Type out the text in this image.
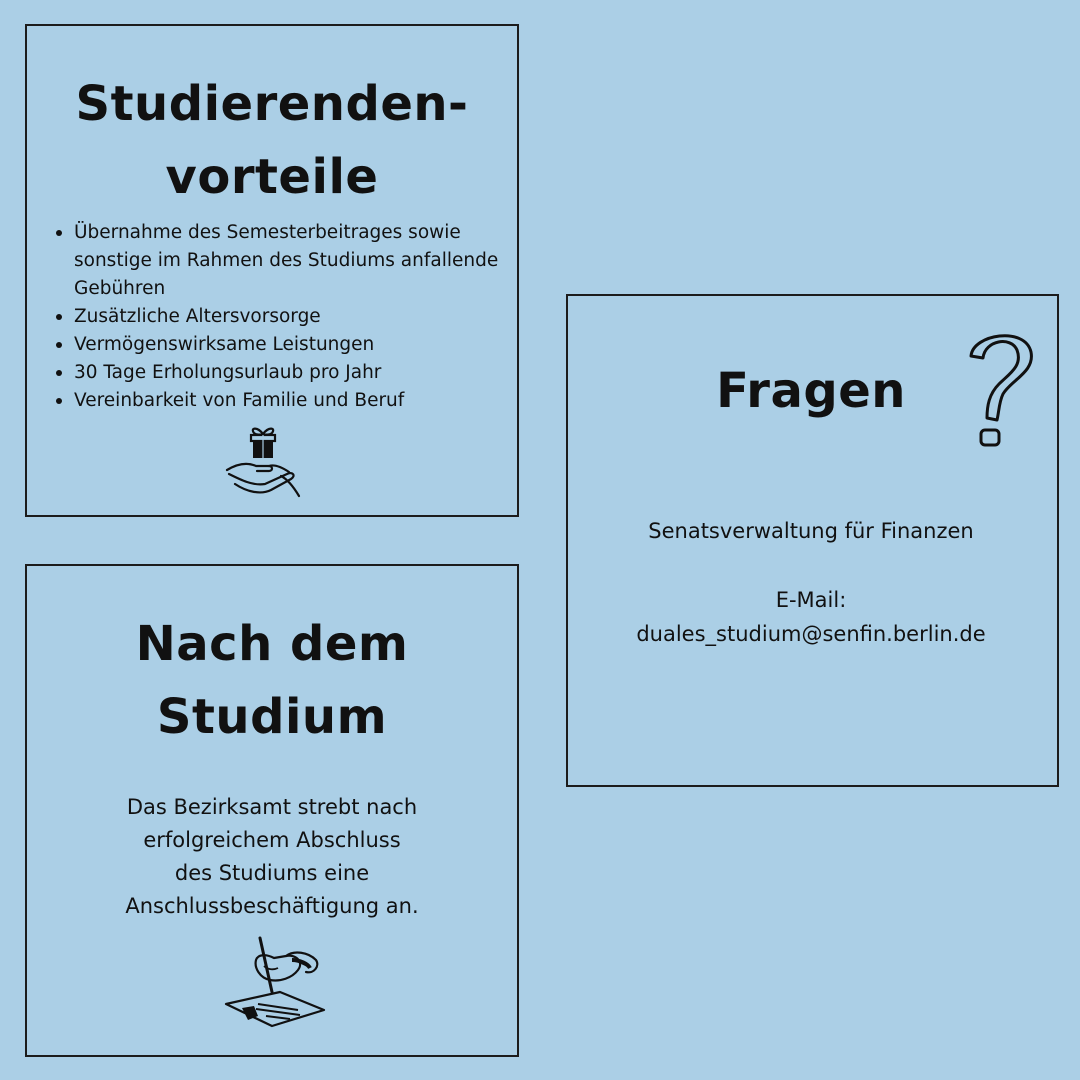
Studierenden-
vorteile
Übernahme des Semesterbeitrages sowie sonstige im Rahmen des Studiums anfallende Gebühren
Zusätzliche Altersvorsorge
Vermögenswirksame Leistungen
30 Tage Erholungsurlaub pro Jahr
Vereinbarkeit von Familie und Beruf
Nach dem
Studium

Das Bezirksamt strebt nach
erfolgreichem Abschluss
des Studiums eine
Anschlussbeschäftigung an.

Fragen

Senatsverwaltung für Finanzen

E-Mail:

duales_studium@senfin.berlin.de
